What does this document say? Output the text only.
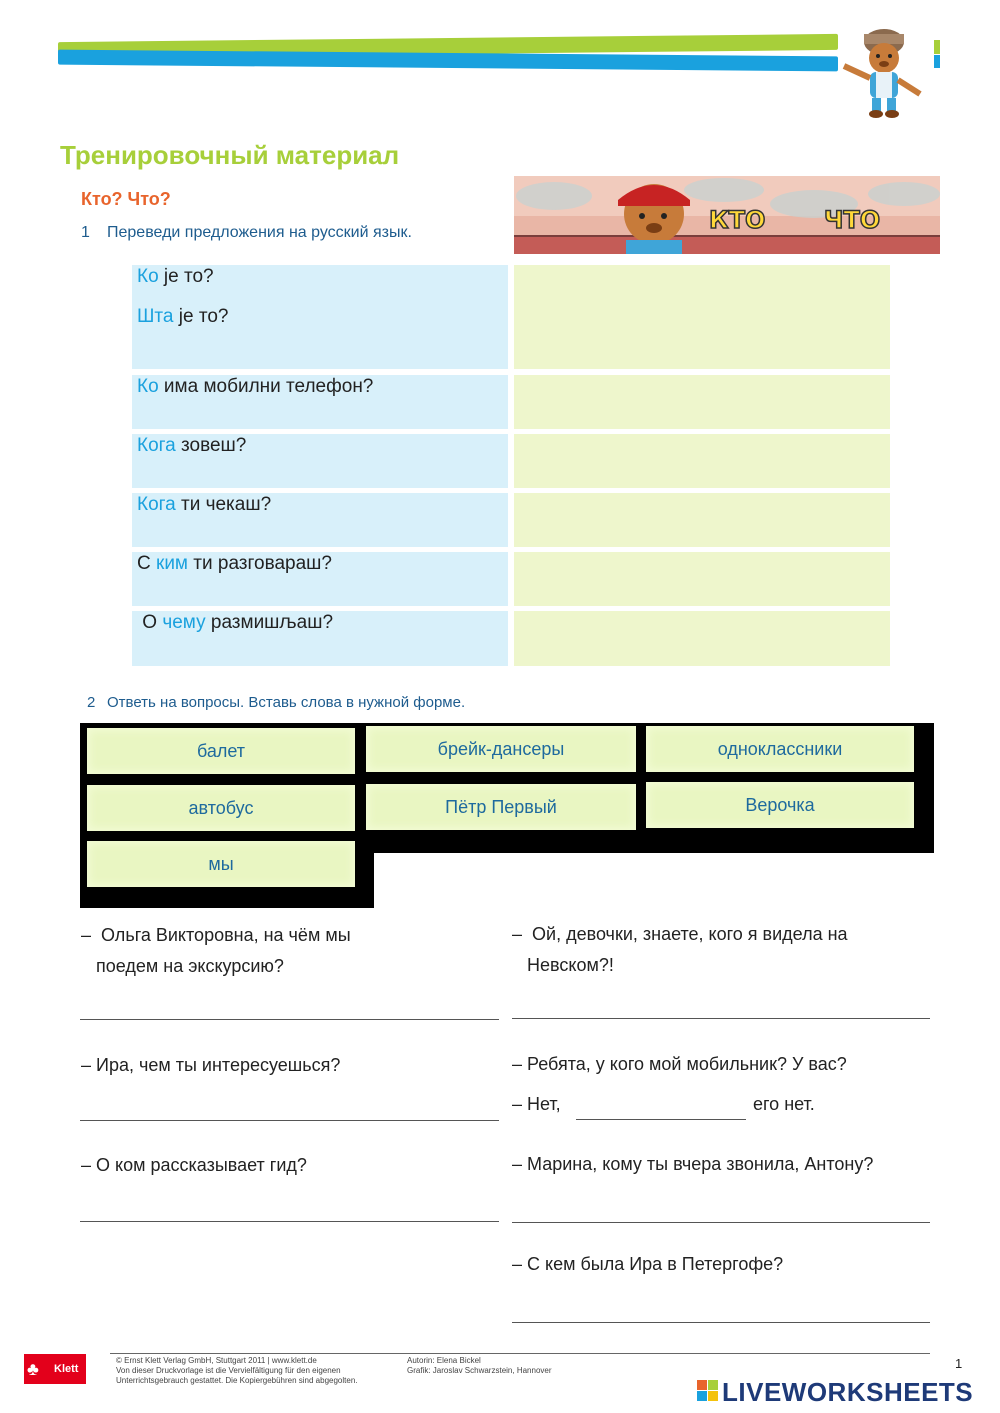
Тренировочный материал
Кто? Что?
1 Переведи предложения на русский язык.	КТО ЧТО
Ко је то?
Шта је то?
Ко има мобилни телефон?
Кога зовеш?
Кога ти чекаш?
С ким ти разговараш?
О чему размишљаш?
2 Ответь на вопросы. Вставь слова в нужной форме.
балет	брейк-дансеры	одноклассники
автобус	Пётр Первый	Верочка
мы
–  Ольга Викторовна, на чём мы
поедем на экскурсию?
– Ира, чем ты интересуешься?
– О ком рассказывает гид?
–  Ой, девочки, знаете, кого я видела на
Невском?!
– Ребята, у кого мой мобильник? У вас?
– Нет,	его нет.
– Марина, кому ты вчера звонила, Антону?
– С кем была Ира в Петергофе?
♣ Klett
© Ernst Klett Verlag GmbH, Stuttgart 2011 | www.klett.de
Von dieser Druckvorlage ist die Vervielfältigung für den eigenen
Unterrichtsgebrauch gestattet. Die Kopiergebühren sind abgegolten.
Autorin: Elena Bickel
Grafik: Jaroslav Schwarzstein, Hannover	1
LIVEWORKSHEETS
